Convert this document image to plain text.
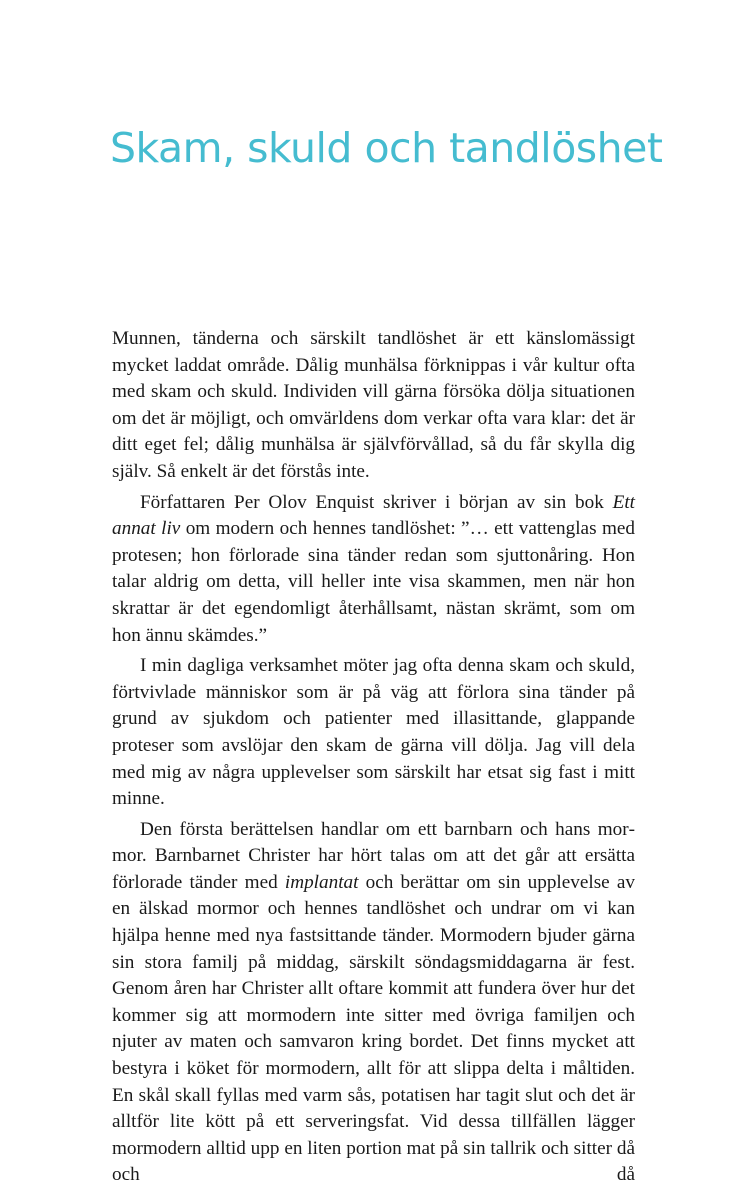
Skam, skuld och tandlöshet

Munnen, tänderna och särskilt tandlöshet är ett känslomässigt mycket laddat område. Dålig munhälsa förknippas i vår kultur ofta med skam och skuld. Individen vill gärna försöka dölja situationen om det är möjligt, och omvärldens dom verkar ofta vara klar: det är ditt eget fel; dålig munhälsa är självförvållad, så du får skylla dig själv. Så enkelt är det förstås inte.

Författaren Per Olov Enquist skriver i början av sin bok Ett annat liv om modern och hennes tandlöshet: ”… ett vattenglas med protesen; hon förlorade sina tänder redan som sjuttonåring. Hon talar aldrig om detta, vill heller inte visa skammen, men när hon skrattar är det egendomligt återhållsamt, nästan skrämt, som om hon ännu skämdes.”

I min dagliga verksamhet möter jag ofta denna skam och skuld, förtvivlade människor som är på väg att förlora sina tänder på grund av sjukdom och patienter med illasittande, glappande proteser som avslöjar den skam de gärna vill dölja. Jag vill dela med mig av några upplevelser som särskilt har etsat sig fast i mitt minne.

Den första berättelsen handlar om ett barnbarn och hans mormor. Barnbarnet Christer har hört talas om att det går att ersätta förlorade tänder med implantat och berättar om sin upplevelse av en älskad mormor och hennes tandlöshet och undrar om vi kan hjälpa henne med nya fastsittande tänder. Mormodern bjuder gärna sin stora familj på middag, särskilt söndagsmiddagarna är fest. Genom åren har Christer allt oftare kommit att fundera över hur det kommer sig att mormodern inte sitter med övriga familjen och njuter av maten och samvaron kring bordet. Det finns mycket att bestyra i köket för mormodern, allt för att slippa delta i måltiden. En skål skall fyllas med varm sås, potatisen har tagit slut och det är alltför lite kött på ett serveringsfat. Vid dessa tillfällen lägger mormodern alltid upp en liten portion mat på sin tallrik och sitter då och då
